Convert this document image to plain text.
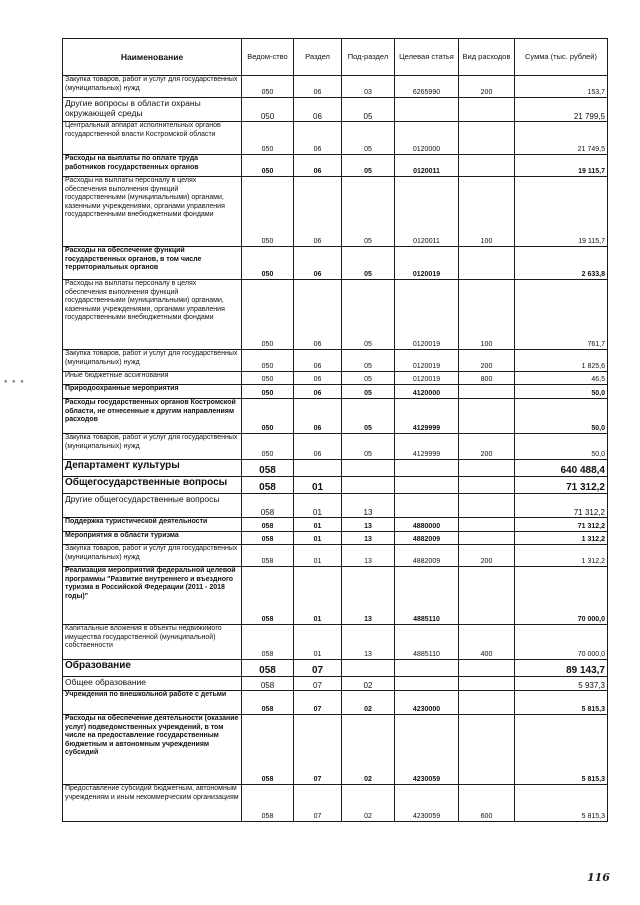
Наименование	Ведом-ство	Раздел	Под-раздел	Целевая статья	Вид расходов	Сумма (тыс. рублей)
Закупка товаров, работ и услуг для государственных (муниципальных) нужд	050	06	03	6265990	200	153,7
Другие вопросы в области охраны окружающей среды	050	06	05			21 799,5
Центральный аппарат исполнительных органов государственной власти Костромской области	050	06	05	0120000		21 749,5
Расходы на выплаты по оплате труда работников государственных органов	050	06	05	0120011		19 115,7
Расходы на выплаты персоналу в целях обеспечения выполнения функций государственными (муниципальными) органами, казенными учреждениями, органами управления государственными внебюджетными фондами	050	06	05	0120011	100	19 115,7
Расходы на обеспечение функций государственных органов, в том числе территориальных органов	050	06	05	0120019		2 633,8
Расходы на выплаты персоналу в целях обеспечения выполнения функций государственными (муниципальными) органами, казенными учреждениями, органами управления государственными внебюджетными фондами	050	06	05	0120019	100	761,7
Закупка товаров, работ и услуг для государственных (муниципальных) нужд	050	06	05	0120019	200	1 825,6
Иные бюджетные ассигнования	050	06	05	0120019	800	46,5
Природоохранные мероприятия	050	06	05	4120000		50,0
Расходы государственных органов Костромской области, не отнесенные к другим направлениям расходов	050	06	05	4129999		50,0
Закупка товаров, работ и услуг для государственных (муниципальных) нужд	050	06	05	4129999	200	50,0
Департамент культуры	058					640 488,4
Общегосударственные вопросы	058	01				71 312,2
Другие общегосударственные вопросы	058	01	13			71 312,2
Поддержка туристической деятельности	058	01	13	4880000		71 312,2
Мероприятия в области туризма	058	01	13	4882009		1 312,2
Закупка товаров, работ и услуг для государственных (муниципальных) нужд	058	01	13	4882009	200	1 312,2
Реализация мероприятий федеральной целевой программы "Развитие внутреннего и въездного туризма в Российской Федерации (2011 - 2018 годы)"	058	01	13	4885110		70 000,0
Капитальные вложения в объекты недвижимого имущества государственной (муниципальной) собственности	058	01	13	4885110	400	70 000,0
Образование	058	07				89 143,7
Общее образование	058	07	02			5 937,3
Учреждения по внешкольной работе с детьми	058	07	02	4230000		5 815,3
Расходы на обеспечение деятельности (оказание услуг) подведомственных учреждений, в том числе на предоставление государственным бюджетным и автономным учреждениям субсидий	058	07	02	4230059		5 815,3
Предоставление субсидий бюджетным, автономным учреждениям и иным некоммерческим организациям	058	07	02	4230059	600	5 815,3
• • •
116
